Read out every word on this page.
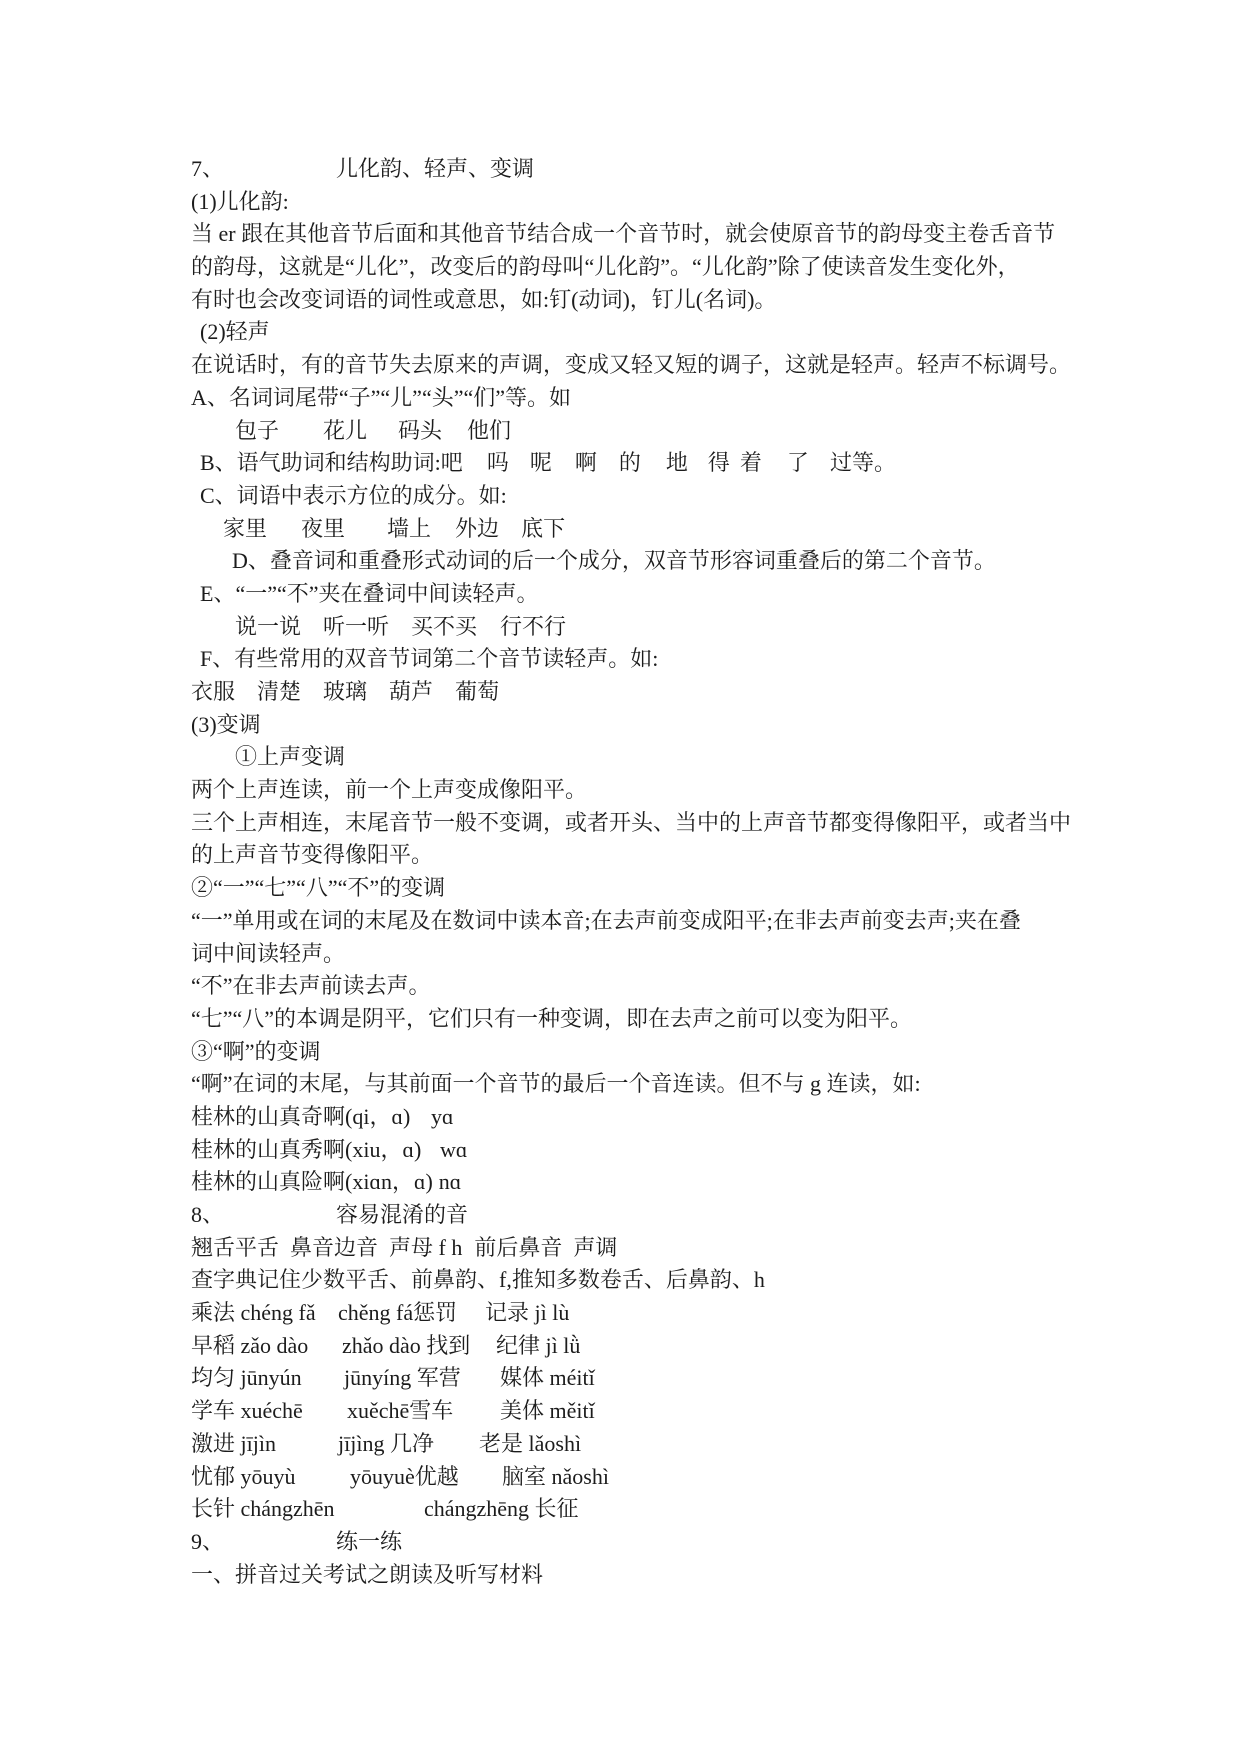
7、	儿化韵、轻声、变调
(1)儿化韵:
当 er 跟在其他音节后面和其他音节结合成一个音节时，就会使原音节的韵母变主卷舌音节
的韵母，这就是“儿化”，改变后的韵母叫“儿化韵”。“儿化韵”除了使读音发生变化外，
有时也会改变词语的词性或意思，如:钉(动词)，钉儿(名词)。
(2)轻声
在说话时，有的音节失去原来的声调，变成又轻又短的调子，这就是轻声。轻声不标调号。
A、名词词尾带“子”“儿”“头”“们”等。如
包子 花儿 码头 他们
B、语气助词和结构助词: 吧 吗 呢 啊 的 地 得 着 了 过等。
C、词语中表示方位的成分。如:
家里 夜里 墙上 外边 底下
D、叠音词和重叠形式动词的后一个成分，双音节形容词重叠后的第二个音节。
E、“一”“不”夹在叠词中间读轻声。
说一说 听一听 买不买 行不行
F、有些常用的双音节词第二个音节读轻声。如:
衣服 清楚 玻璃 葫芦 葡萄
(3)变调
①上声变调
两个上声连读，前一个上声变成像阳平。
三个上声相连，末尾音节一般不变调，或者开头、当中的上声音节都变得像阳平，或者当中
的上声音节变得像阳平。
②“一”“七”“八”“不”的变调
“一”单用或在词的末尾及在数词中读本音;在去声前变成阳平;在非去声前变去声;夹在叠
词中间读轻声。
“不”在非去声前读去声。
“七”“八”的本调是阴平，它们只有一种变调，即在去声之前可以变为阳平。
③“啊”的变调
“啊”在词的末尾，与其前面一个音节的最后一个音连读。但不与 g 连读，如:
桂林的山真奇啊(qi，ɑ) yɑ
桂林的山真秀啊(xiu，ɑ) wɑ
桂林的山真险啊(xiɑn，ɑ) nɑ
8、	容易混淆的音
翘舌平舌 鼻音边音 声母 f h 前后鼻音 声调
查字典记住少数平舌、前鼻韵、f,推知多数卷舌、后鼻韵、h
乘法 chéng fǎ chěng fá惩罚 记录 jì lù
早稻 zǎo dào zhǎo dào 找到 纪律 jì lǜ
均匀 jūnyún jūnyíng 军营 媒体 méitǐ
学车 xuéchē xuěchē雪车 美体 měitǐ
激进 jījìn	jījìng 几净 老是 lǎoshì
忧郁 yōuyù yōuyuè优越 脑室 nǎoshì
长针 chángzhēn	chángzhēng 长征
9、	练一练
一、拼音过关考试之朗读及听写材料
